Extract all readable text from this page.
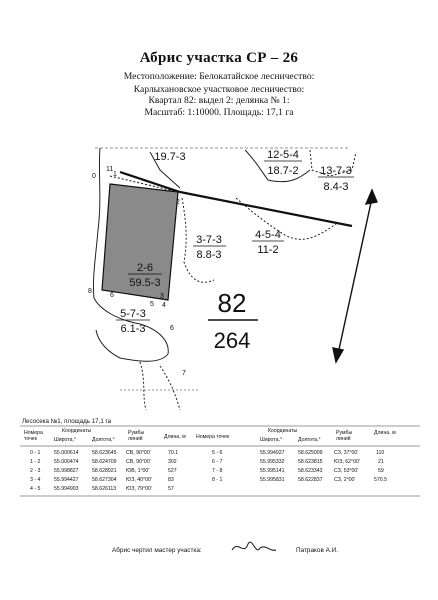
Абрис участка СР – 26
Местоположение: Белокатайское лесничество:
Карлыхановское участковое лесничество:
Квартал 82: выдел 2: делянка № 1:
Масштаб: 1:10000. Площадь: 17,1 га
0
11
1
2
3
4
5
6
7
8
6
19.7-3	12-5-4
18.7-2 13-7-3
8.4-3
3-7-3
8.8-3
4-5-4
11-2
2-6
59.5-3
5-7-3
6.1-3
82
264
Лесосека №1, площадь 17,1 га
Номера точек
Координаты
Широта,°	Долгота,°
Румбы линий	Длина, м Номера точек
Координаты
Широта,°	Долгота,°
Румбы линий
Длина, м
0 - 1	55.000614	58.623645 СВ, 90°00'	70.1
1 - 2	55.000474	58.624709 СВ, 90°00'	302
2 - 3	55.998827	58.628921 ЮВ, 1°00'	527
3 - 4	55.994427	58.627304 ЮЗ, 40°00'	83
4 - 5	55.994903	58.626113 ЮЗ, 79°00'	57
5 - 6	55.994927	58.625009 СЗ, 37°00'	110
6 - 7	55.995332	58.623815 ЮЗ, 62°00'	21
7 - 8	55.995141	58.623343 СЗ, 53°00'	59
8 - 1	55.995831	58.622837 СЗ, 2°00'	570.5
Абрис чертил мастер участка:	Патраков А.И.
